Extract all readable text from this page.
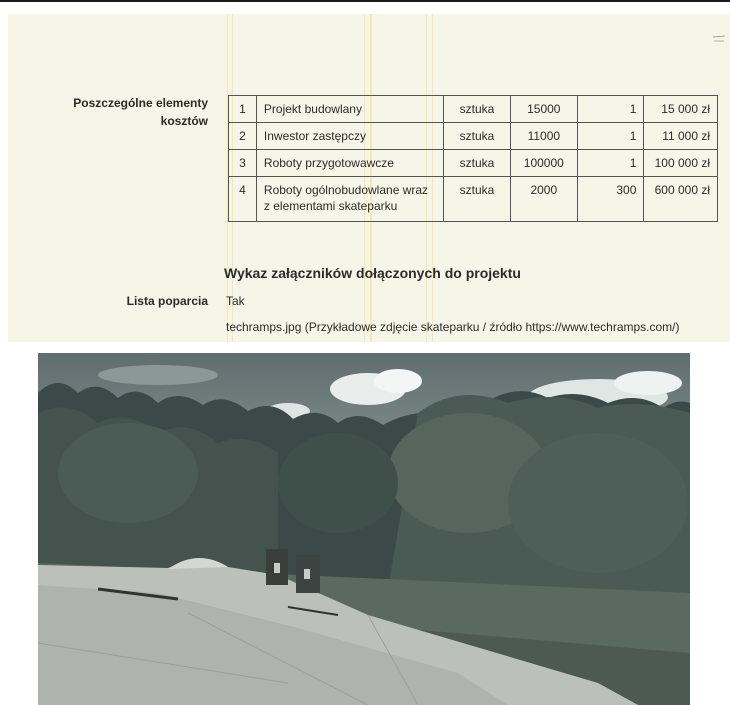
Poszczególne elementy kosztów
1	Projekt budowlany	sztuka	15000	1	15 000 zł
2	Inwestor zastępczy	sztuka	11000	1	11 000 zł
3	Roboty przygotowawcze	sztuka	100000	1	100 000 zł
4	Roboty ogólnobudowlane wraz z elementami skateparku	sztuka	2000	300	600 000 zł
Wykaz załączników dołączonych do projektu
Lista poparcia Tak
techramps.jpg (Przykładowe zdjęcie skateparku / źródło https://www.techramps.com/)
